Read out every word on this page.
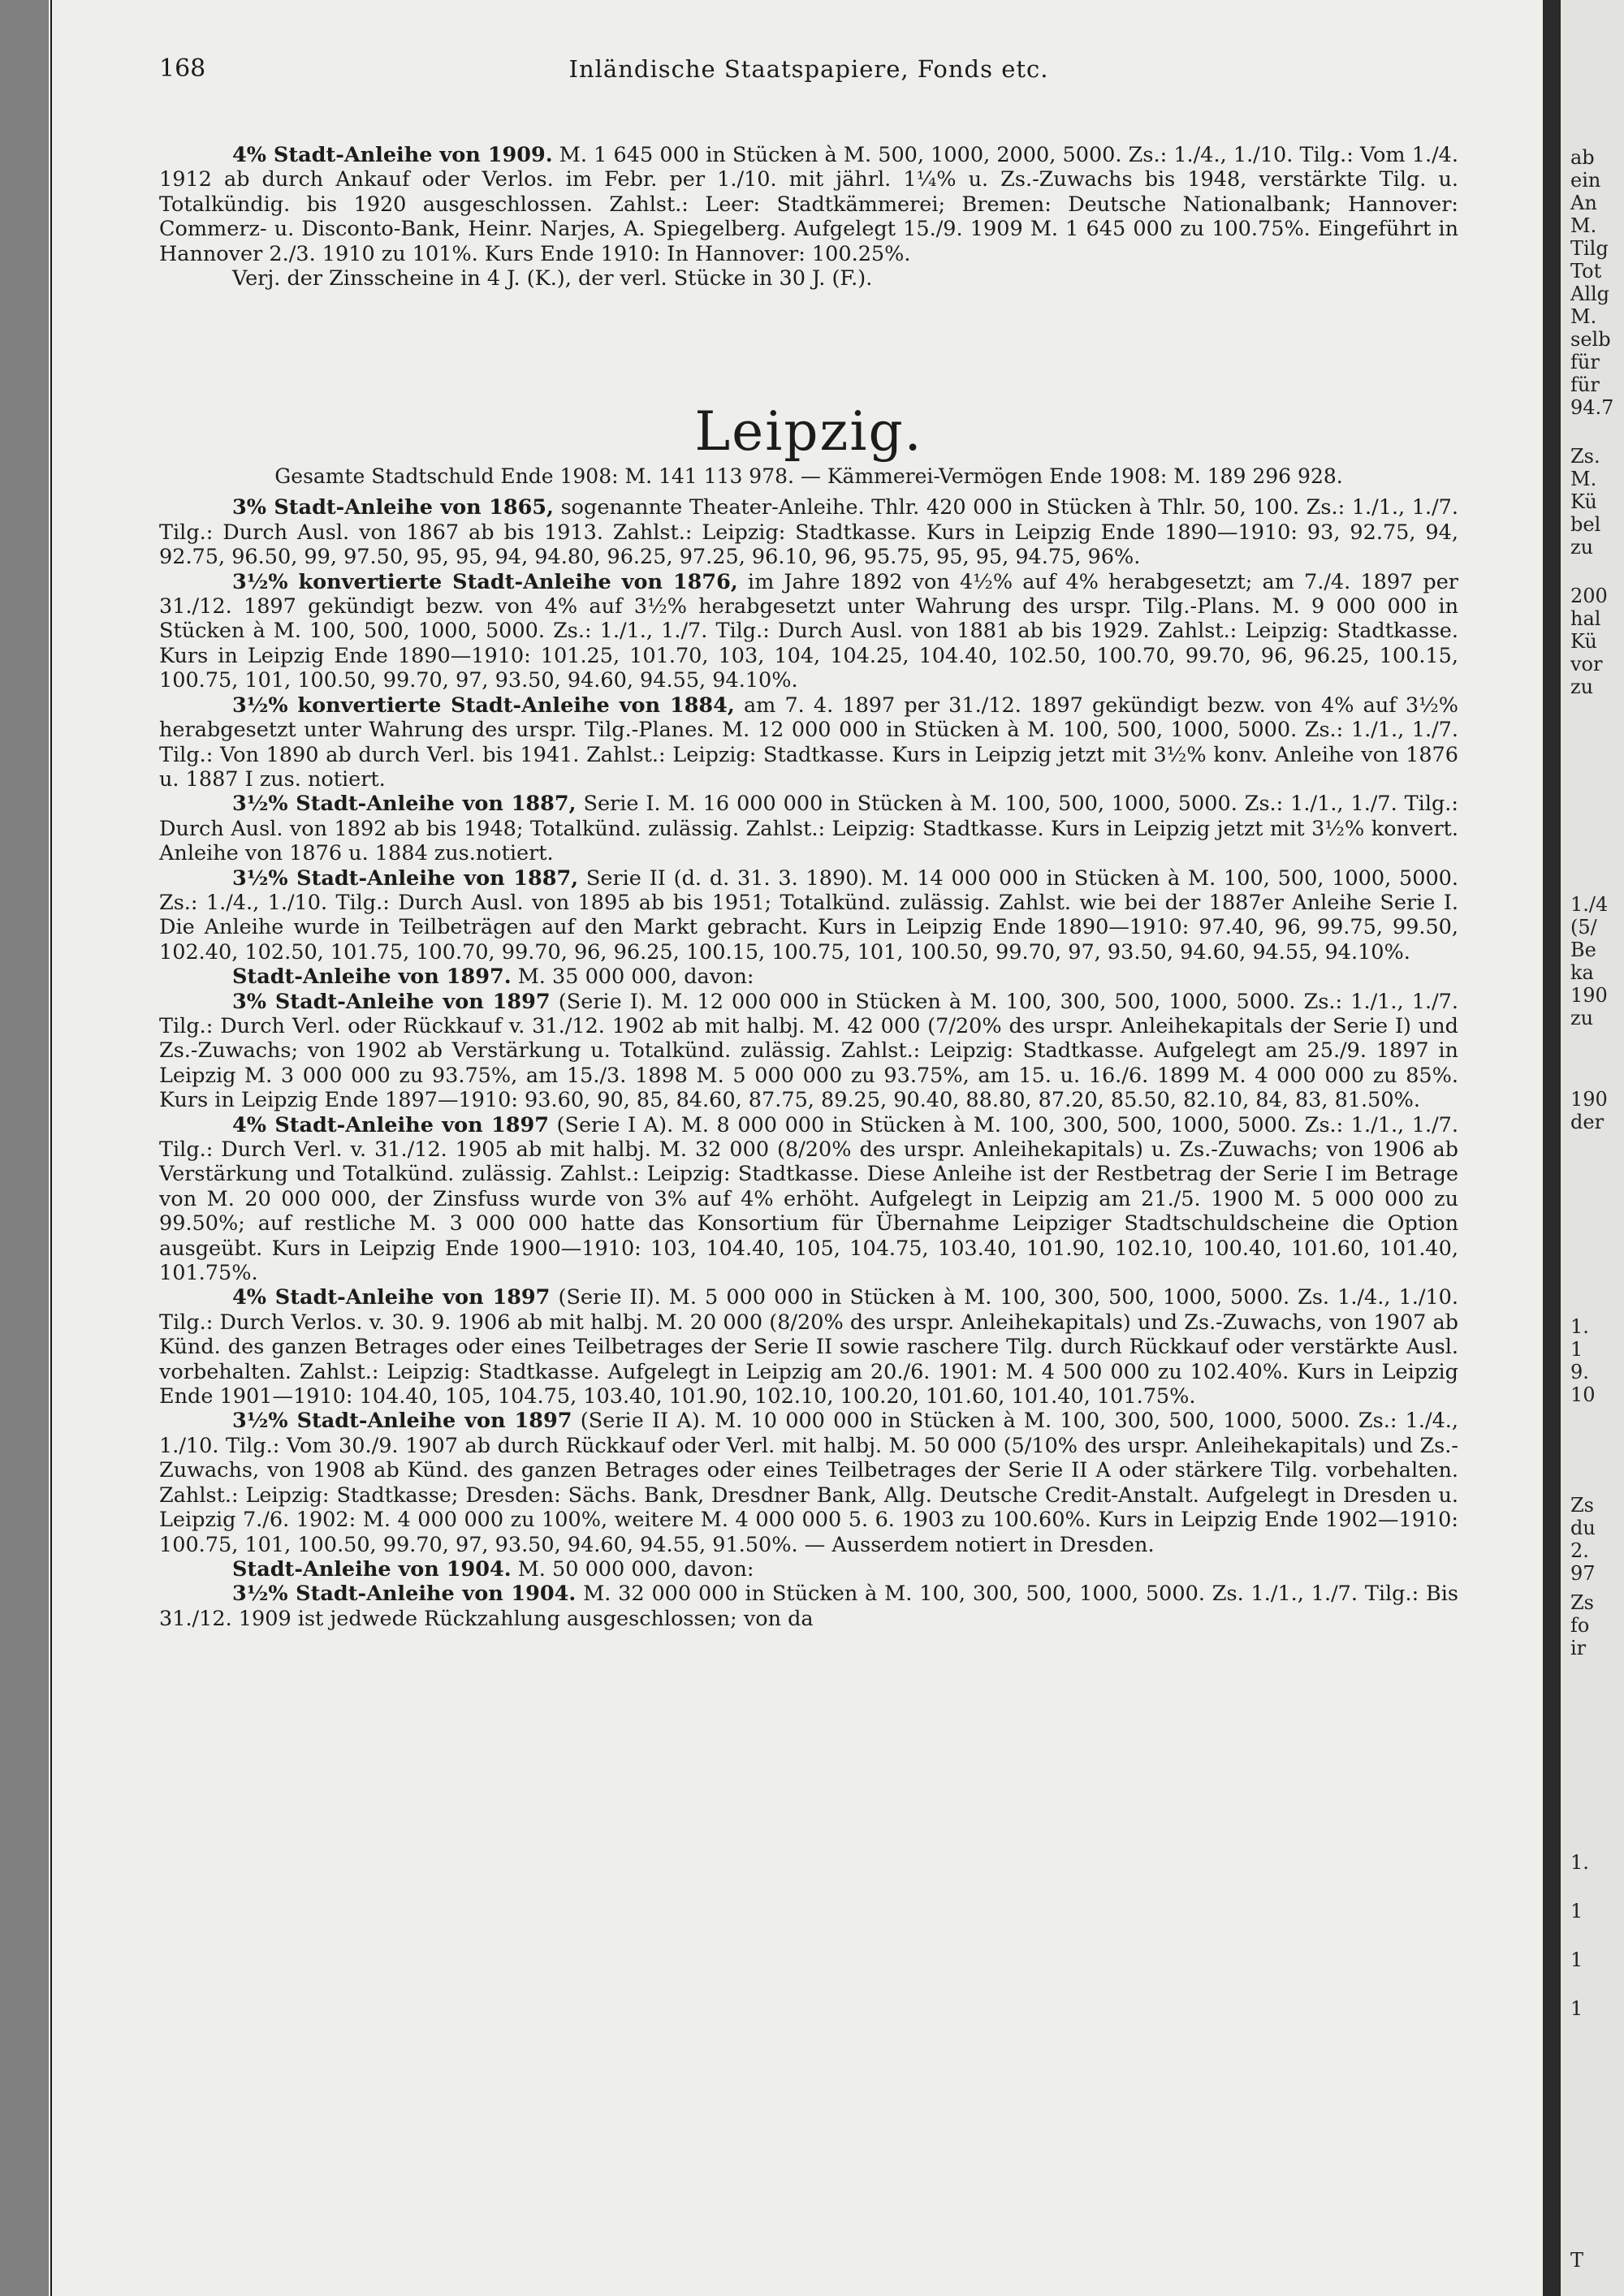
ab
ein
An
M.
Tilg
Tot
Allg
M.
selb
für
für
94.7
Zs.
M.
Kü
bel
zu
200
hal
Kü
vor
zu
1./4
(5/
Be
ka
190
zu
190
der
1.
1
9.
10
Zs
du
2.
97
Zs
fo
ir
1.
1
1
1
T
168	Inländische Staatspapiere, Fonds etc.

4% Stadt-Anleihe von 1909. M. 1 645 000 in Stücken à M. 500, 1000, 2000, 5000. Zs.: 1./4., 1./10. Tilg.: Vom 1./4. 1912 ab durch Ankauf oder Verlos. im Febr. per 1./10. mit jährl. 1¼% u. Zs.-Zuwachs bis 1948, verstärkte Tilg. u. Totalkündig. bis 1920 ausgeschlossen. Zahlst.: Leer: Stadtkämmerei; Bremen: Deutsche Nationalbank; Hannover: Commerz- u. Disconto-Bank, Heinr. Narjes, A. Spiegelberg. Aufgelegt 15./9. 1909 M. 1 645 000 zu 100.75%. Eingeführt in Hannover 2./3. 1910 zu 101%. Kurs Ende 1910: In Hannover: 100.25%.

Verj. der Zinsscheine in 4 J. (K.), der verl. Stücke in 30 J. (F.).

Leipzig.
Gesamte Stadtschuld Ende 1908: M. 141 113 978. — Kämmerei-Vermögen Ende 1908: M. 189 296 928.

3% Stadt-Anleihe von 1865, sogenannte Theater-Anleihe. Thlr. 420 000 in Stücken à Thlr. 50, 100. Zs.: 1./1., 1./7. Tilg.: Durch Ausl. von 1867 ab bis 1913. Zahlst.: Leipzig: Stadtkasse. Kurs in Leipzig Ende 1890—1910: 93, 92.75, 94, 92.75, 96.50, 99, 97.50, 95, 95, 94, 94.80, 96.25, 97.25, 96.10, 96, 95.75, 95, 95, 94.75, 96%.

3½% konvertierte Stadt-Anleihe von 1876, im Jahre 1892 von 4½% auf 4% herabgesetzt; am 7./4. 1897 per 31./12. 1897 gekündigt bezw. von 4% auf 3½% herabgesetzt unter Wahrung des urspr. Tilg.-Plans. M. 9 000 000 in Stücken à M. 100, 500, 1000, 5000. Zs.: 1./1., 1./7. Tilg.: Durch Ausl. von 1881 ab bis 1929. Zahlst.: Leipzig: Stadtkasse. Kurs in Leipzig Ende 1890—1910: 101.25, 101.70, 103, 104, 104.25, 104.40, 102.50, 100.70, 99.70, 96, 96.25, 100.15, 100.75, 101, 100.50, 99.70, 97, 93.50, 94.60, 94.55, 94.10%.

3½% konvertierte Stadt-Anleihe von 1884, am 7. 4. 1897 per 31./12. 1897 gekündigt bezw. von 4% auf 3½% herabgesetzt unter Wahrung des urspr. Tilg.-Planes. M. 12 000 000 in Stücken à M. 100, 500, 1000, 5000. Zs.: 1./1., 1./7. Tilg.: Von 1890 ab durch Verl. bis 1941. Zahlst.: Leipzig: Stadtkasse. Kurs in Leipzig jetzt mit 3½% konv. Anleihe von 1876 u. 1887 I zus. notiert.

3½% Stadt-Anleihe von 1887, Serie I. M. 16 000 000 in Stücken à M. 100, 500, 1000, 5000. Zs.: 1./1., 1./7. Tilg.: Durch Ausl. von 1892 ab bis 1948; Totalkünd. zulässig. Zahlst.: Leipzig: Stadtkasse. Kurs in Leipzig jetzt mit 3½% konvert. Anleihe von 1876 u. 1884 zus.notiert.

3½% Stadt-Anleihe von 1887, Serie II (d. d. 31. 3. 1890). M. 14 000 000 in Stücken à M. 100, 500, 1000, 5000. Zs.: 1./4., 1./10. Tilg.: Durch Ausl. von 1895 ab bis 1951; Totalkünd. zulässig. Zahlst. wie bei der 1887er Anleihe Serie I. Die Anleihe wurde in Teilbeträgen auf den Markt gebracht. Kurs in Leipzig Ende 1890—1910: 97.40, 96, 99.75, 99.50, 102.40, 102.50, 101.75, 100.70, 99.70, 96, 96.25, 100.15, 100.75, 101, 100.50, 99.70, 97, 93.50, 94.60, 94.55, 94.10%.

Stadt-Anleihe von 1897. M. 35 000 000, davon:

3% Stadt-Anleihe von 1897 (Serie I). M. 12 000 000 in Stücken à M. 100, 300, 500, 1000, 5000. Zs.: 1./1., 1./7. Tilg.: Durch Verl. oder Rückkauf v. 31./12. 1902 ab mit halbj. M. 42 000 (7/20% des urspr. Anleihekapitals der Serie I) und Zs.-Zuwachs; von 1902 ab Verstärkung u. Totalkünd. zulässig. Zahlst.: Leipzig: Stadtkasse. Aufgelegt am 25./9. 1897 in Leipzig M. 3 000 000 zu 93.75%, am 15./3. 1898 M. 5 000 000 zu 93.75%, am 15. u. 16./6. 1899 M. 4 000 000 zu 85%. Kurs in Leipzig Ende 1897—1910: 93.60, 90, 85, 84.60, 87.75, 89.25, 90.40, 88.80, 87.20, 85.50, 82.10, 84, 83, 81.50%.

4% Stadt-Anleihe von 1897 (Serie I A). M. 8 000 000 in Stücken à M. 100, 300, 500, 1000, 5000. Zs.: 1./1., 1./7. Tilg.: Durch Verl. v. 31./12. 1905 ab mit halbj. M. 32 000 (8/20% des urspr. Anleihekapitals) u. Zs.-Zuwachs; von 1906 ab Verstärkung und Totalkünd. zulässig. Zahlst.: Leipzig: Stadtkasse. Diese Anleihe ist der Restbetrag der Serie I im Betrage von M. 20 000 000, der Zinsfuss wurde von 3% auf 4% erhöht. Aufgelegt in Leipzig am 21./5. 1900 M. 5 000 000 zu 99.50%; auf restliche M. 3 000 000 hatte das Konsortium für Übernahme Leipziger Stadtschuldscheine die Option ausgeübt. Kurs in Leipzig Ende 1900—1910: 103, 104.40, 105, 104.75, 103.40, 101.90, 102.10, 100.40, 101.60, 101.40, 101.75%.

4% Stadt-Anleihe von 1897 (Serie II). M. 5 000 000 in Stücken à M. 100, 300, 500, 1000, 5000. Zs. 1./4., 1./10. Tilg.: Durch Verlos. v. 30. 9. 1906 ab mit halbj. M. 20 000 (8/20% des urspr. Anleihekapitals) und Zs.-Zuwachs, von 1907 ab Künd. des ganzen Betrages oder eines Teilbetrages der Serie II sowie raschere Tilg. durch Rückkauf oder verstärkte Ausl. vorbehalten. Zahlst.: Leipzig: Stadtkasse. Aufgelegt in Leipzig am 20./6. 1901: M. 4 500 000 zu 102.40%. Kurs in Leipzig Ende 1901—1910: 104.40, 105, 104.75, 103.40, 101.90, 102.10, 100.20, 101.60, 101.40, 101.75%.

3½% Stadt-Anleihe von 1897 (Serie II A). M. 10 000 000 in Stücken à M. 100, 300, 500, 1000, 5000. Zs.: 1./4., 1./10. Tilg.: Vom 30./9. 1907 ab durch Rückkauf oder Verl. mit halbj. M. 50 000 (5/10% des urspr. Anleihekapitals) und Zs.-Zuwachs, von 1908 ab Künd. des ganzen Betrages oder eines Teilbetrages der Serie II A oder stärkere Tilg. vorbehalten. Zahlst.: Leipzig: Stadtkasse; Dresden: Sächs. Bank, Dresdner Bank, Allg. Deutsche Credit-Anstalt. Aufgelegt in Dresden u. Leipzig 7./6. 1902: M. 4 000 000 zu 100%, weitere M. 4 000 000 5. 6. 1903 zu 100.60%. Kurs in Leipzig Ende 1902—1910: 100.75, 101, 100.50, 99.70, 97, 93.50, 94.60, 94.55, 91.50%. — Ausserdem notiert in Dresden.

Stadt-Anleihe von 1904. M. 50 000 000, davon:

3½% Stadt-Anleihe von 1904. M. 32 000 000 in Stücken à M. 100, 300, 500, 1000, 5000. Zs. 1./1., 1./7. Tilg.: Bis 31./12. 1909 ist jedwede Rückzahlung ausgeschlossen; von da
